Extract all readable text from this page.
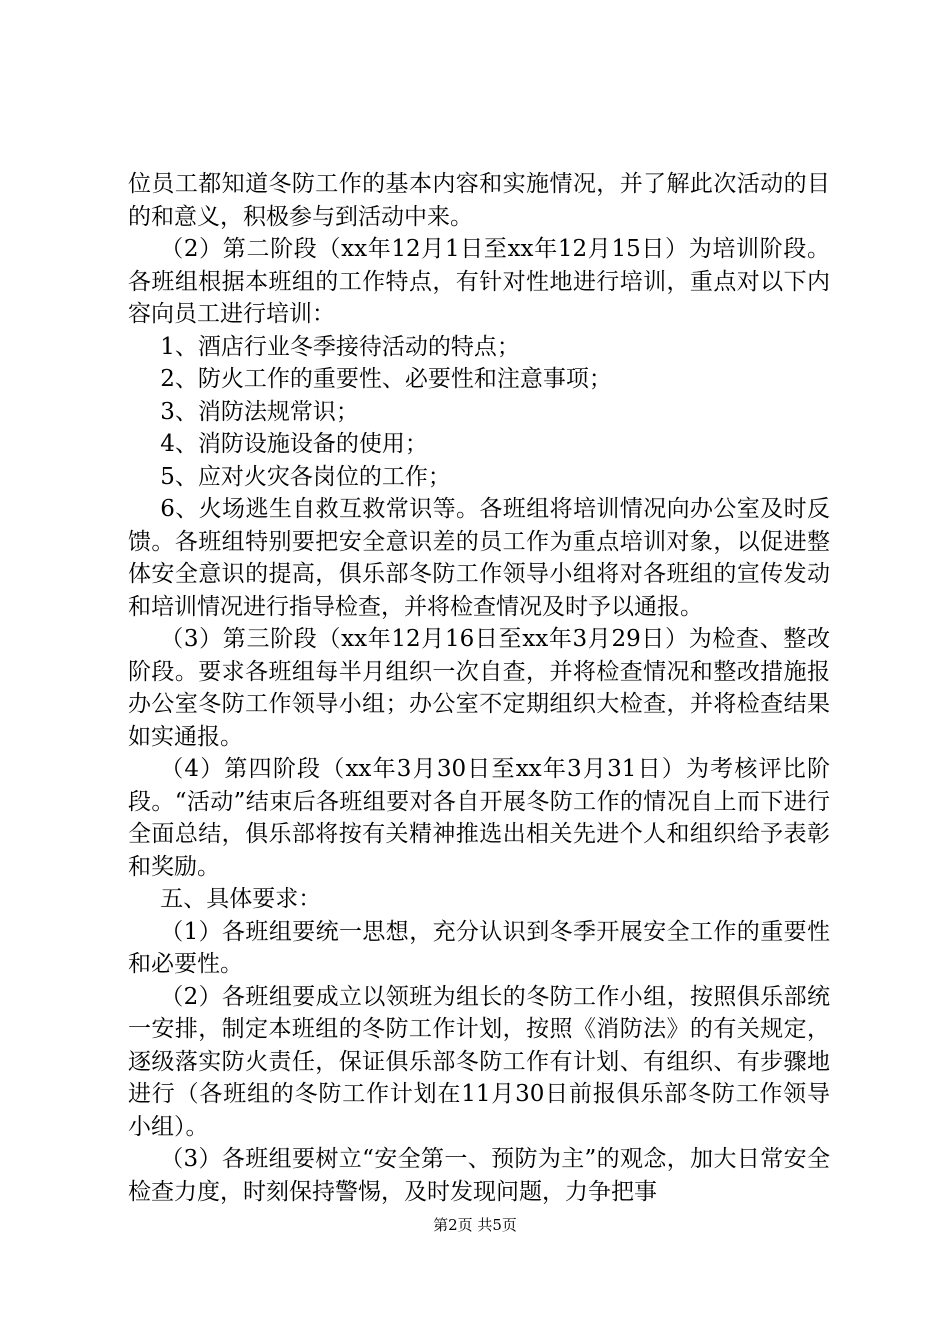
位员工都知道冬防工作的基本内容和实施情况，并了解此次活动的目的和意义，积极参与到活动中来。

（2）第二阶段（xx年12月1日至xx年12月15日）为培训阶段。各班组根据本班组的工作特点，有针对性地进行培训，重点对以下内容向员工进行培训：

1、酒店行业冬季接待活动的特点；

2、防火工作的重要性、必要性和注意事项；

3、消防法规常识；

4、消防设施设备的使用；

5、应对火灾各岗位的工作；

6、火场逃生自救互救常识等。各班组将培训情况向办公室及时反馈。各班组特别要把安全意识差的员工作为重点培训对象，以促进整体安全意识的提高，俱乐部冬防工作领导小组将对各班组的宣传发动和培训情况进行指导检查，并将检查情况及时予以通报。

（3）第三阶段（xx年12月16日至xx年3月29日）为检查、整改阶段。要求各班组每半月组织一次自查，并将检查情况和整改措施报办公室冬防工作领导小组；办公室不定期组织大检查，并将检查结果如实通报。

（4）第四阶段（xx年3月30日至xx年3月31日）为考核评比阶段。“活动”结束后各班组要对各自开展冬防工作的情况自上而下进行全面总结，俱乐部将按有关精神推选出相关先进个人和组织给予表彰和奖励。

五、具体要求：

（1）各班组要统一思想，充分认识到冬季开展安全工作的重要性和必要性。

（2）各班组要成立以领班为组长的冬防工作小组，按照俱乐部统一安排，制定本班组的冬防工作计划，按照《消防法》的有关规定，逐级落实防火责任，保证俱乐部冬防工作有计划、有组织、有步骤地进行（各班组的冬防工作计划在11月30日前报俱乐部冬防工作领导小组）。

（3）各班组要树立“安全第一、预防为主”的观念，加大日常安全检查力度，时刻保持警惕，及时发现问题，力争把事

第2页 共5页
